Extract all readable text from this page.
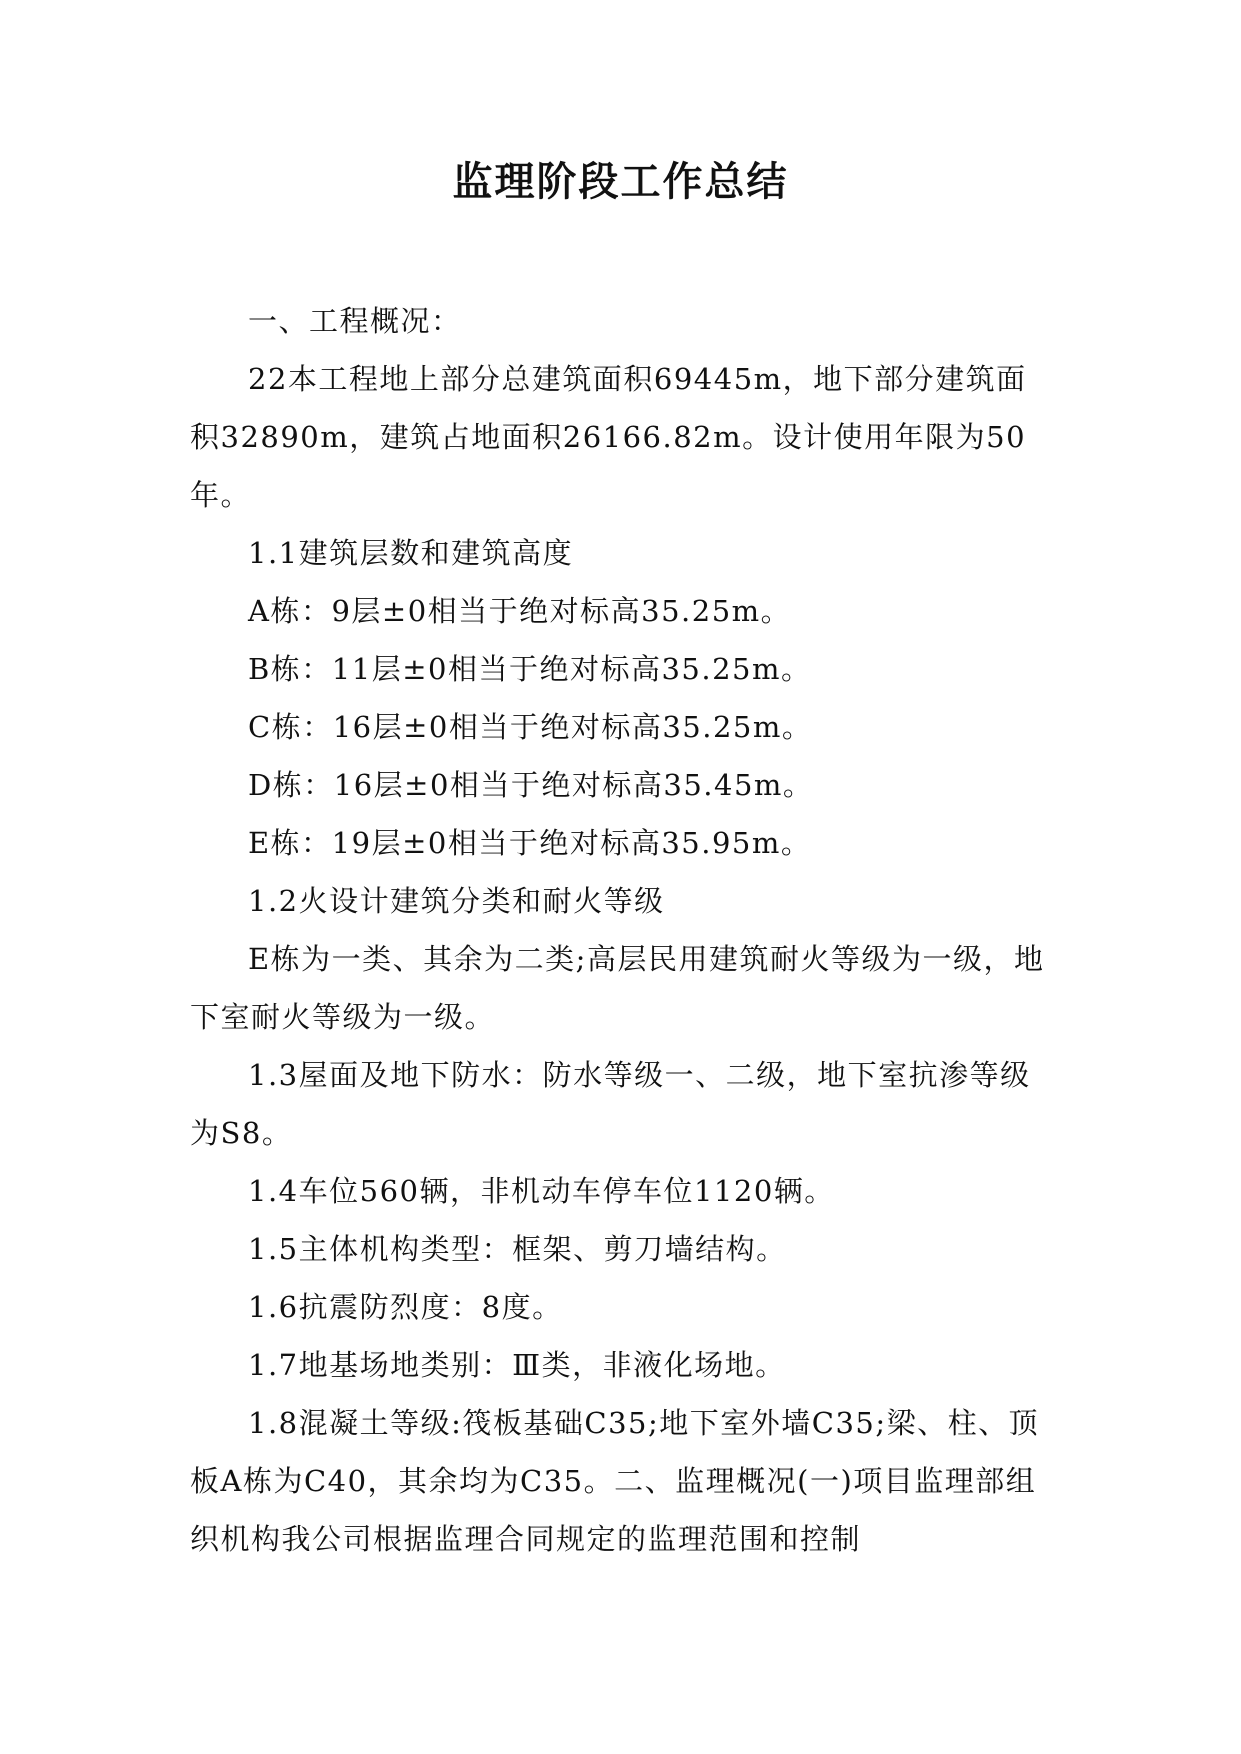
监理阶段工作总结

一、工程概况：

22本工程地上部分总建筑面积69445m，地下部分建筑面积32890m，建筑占地面积26166.82m。设计使用年限为50年。

1.1建筑层数和建筑高度

A栋：9层±0相当于绝对标高35.25m。

B栋：11层±0相当于绝对标高35.25m。

C栋：16层±0相当于绝对标高35.25m。

D栋：16层±0相当于绝对标高35.45m。

E栋：19层±0相当于绝对标高35.95m。

1.2火设计建筑分类和耐火等级

E栋为一类、其余为二类;高层民用建筑耐火等级为一级，地下室耐火等级为一级。

1.3屋面及地下防水：防水等级一、二级，地下室抗渗等级为S8。

1.4车位560辆，非机动车停车位1120辆。

1.5主体机构类型：框架、剪刀墙结构。

1.6抗震防烈度：8度。

1.7地基场地类别：Ⅲ类，非液化场地。

1.8混凝土等级:筏板基础C35;地下室外墙C35;梁、柱、顶板A栋为C40，其余均为C35。二、监理概况(一)项目监理部组织机构我公司根据监理合同规定的监理范围和控制
